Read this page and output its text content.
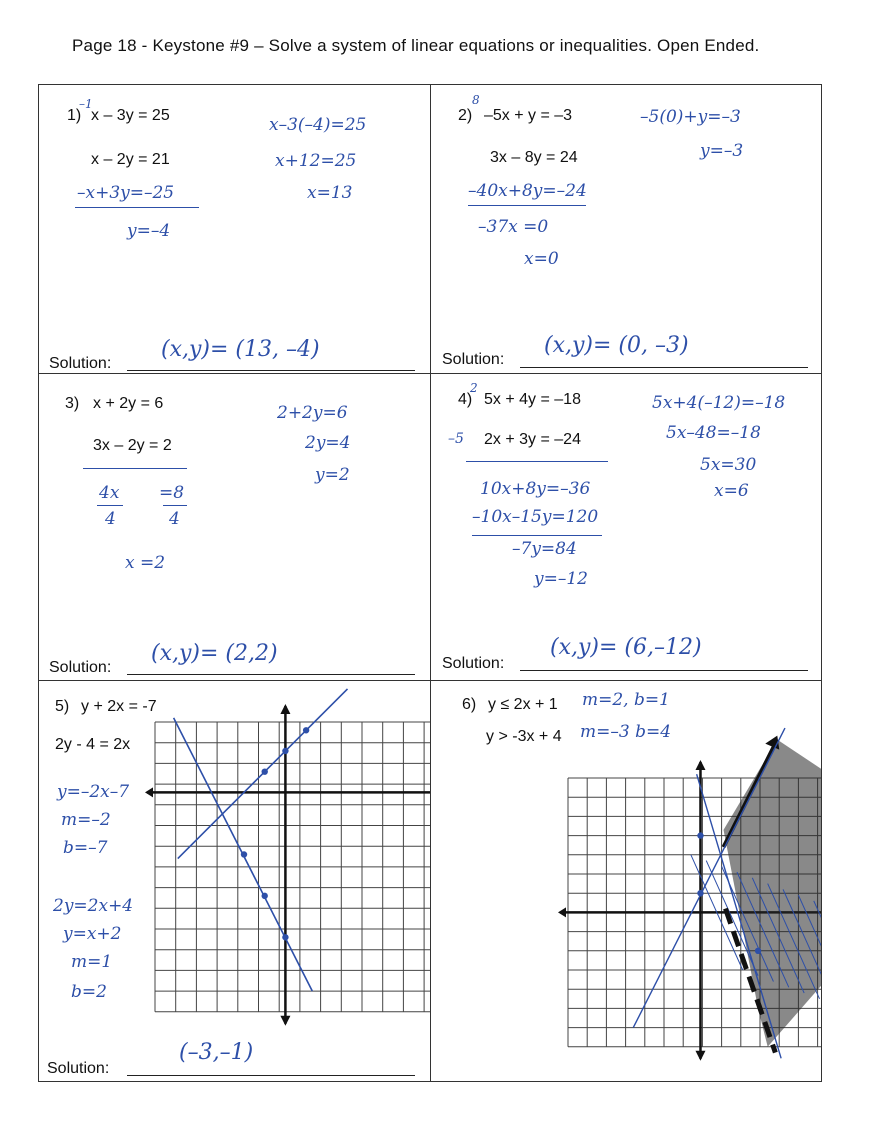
Page 18 - Keystone #9 – Solve a system of linear equations or inequalities. Open Ended.
1)
–1
x – 3y = 25
x – 2y = 21
–x+3y=–25
y=–4
x–3(–4)=25
x+12=25
x=13
Solution:
(x,y)= (13, –4)
2)
8
–5x + y = –3
3x – 8y = 24
–40x+8y=–24
–37x =0
x=0
–5(0)+y=–3
y=–3
Solution:
(x,y)= (0, –3)
3) x + 2y = 6
3x – 2y = 2
4x =8
4	4
x =2
2+2y=6
2y=4
y=2
Solution:
(x,y)= (2,2)
4)
2
5x + 4y = –18
–5 2x + 3y = –24
10x+8y=–36
–10x–15y=120
–7y=84
y=–12
5x+4(–12)=–18
5x–48=–18
5x=30
x=6
Solution:
(x,y)= (6,–12)
5) y + 2x = -7
2y - 4 = 2x
y=–2x–7
m=–2
b=–7
2y=2x+4
y=x+2
m=1
b=2
Solution:
(–3,–1)
6) y ≤ 2x + 1 m=2, b=1
y > -3x + 4 m=–3 b=4
